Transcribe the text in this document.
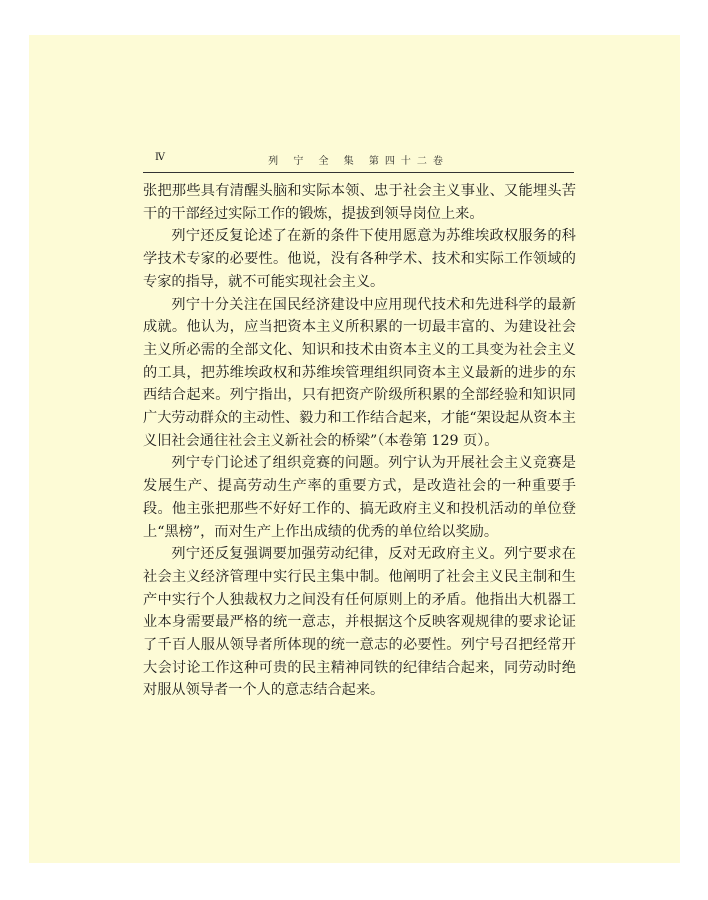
Ⅳ	列 宁 全 集 第四十二卷

张把那些具有清醒头脑和实际本领、忠于社会主义事业、又能埋头苦干的干部经过实际工作的锻炼，提拔到领导岗位上来。

列宁还反复论述了在新的条件下使用愿意为苏维埃政权服务的科学技术专家的必要性。他说，没有各种学术、技术和实际工作领域的专家的指导，就不可能实现社会主义。

列宁十分关注在国民经济建设中应用现代技术和先进科学的最新成就。他认为，应当把资本主义所积累的一切最丰富的、为建设社会主义所必需的全部文化、知识和技术由资本主义的工具变为社会主义的工具，把苏维埃政权和苏维埃管理组织同资本主义最新的进步的东西结合起来。列宁指出，只有把资产阶级所积累的全部经验和知识同广大劳动群众的主动性、毅力和工作结合起来，才能“架设起从资本主义旧社会通往社会主义新社会的桥梁”（本卷第 129 页）。

列宁专门论述了组织竞赛的问题。列宁认为开展社会主义竞赛是发展生产、提高劳动生产率的重要方式，是改造社会的一种重要手段。他主张把那些不好好工作的、搞无政府主义和投机活动的单位登上“黑榜”，而对生产上作出成绩的优秀的单位给以奖励。

列宁还反复强调要加强劳动纪律，反对无政府主义。列宁要求在社会主义经济管理中实行民主集中制。他阐明了社会主义民主制和生产中实行个人独裁权力之间没有任何原则上的矛盾。他指出大机器工业本身需要最严格的统一意志，并根据这个反映客观规律的要求论证了千百人服从领导者所体现的统一意志的必要性。列宁号召把经常开大会讨论工作这种可贵的民主精神同铁的纪律结合起来，同劳动时绝对服从领导者一个人的意志结合起来。
